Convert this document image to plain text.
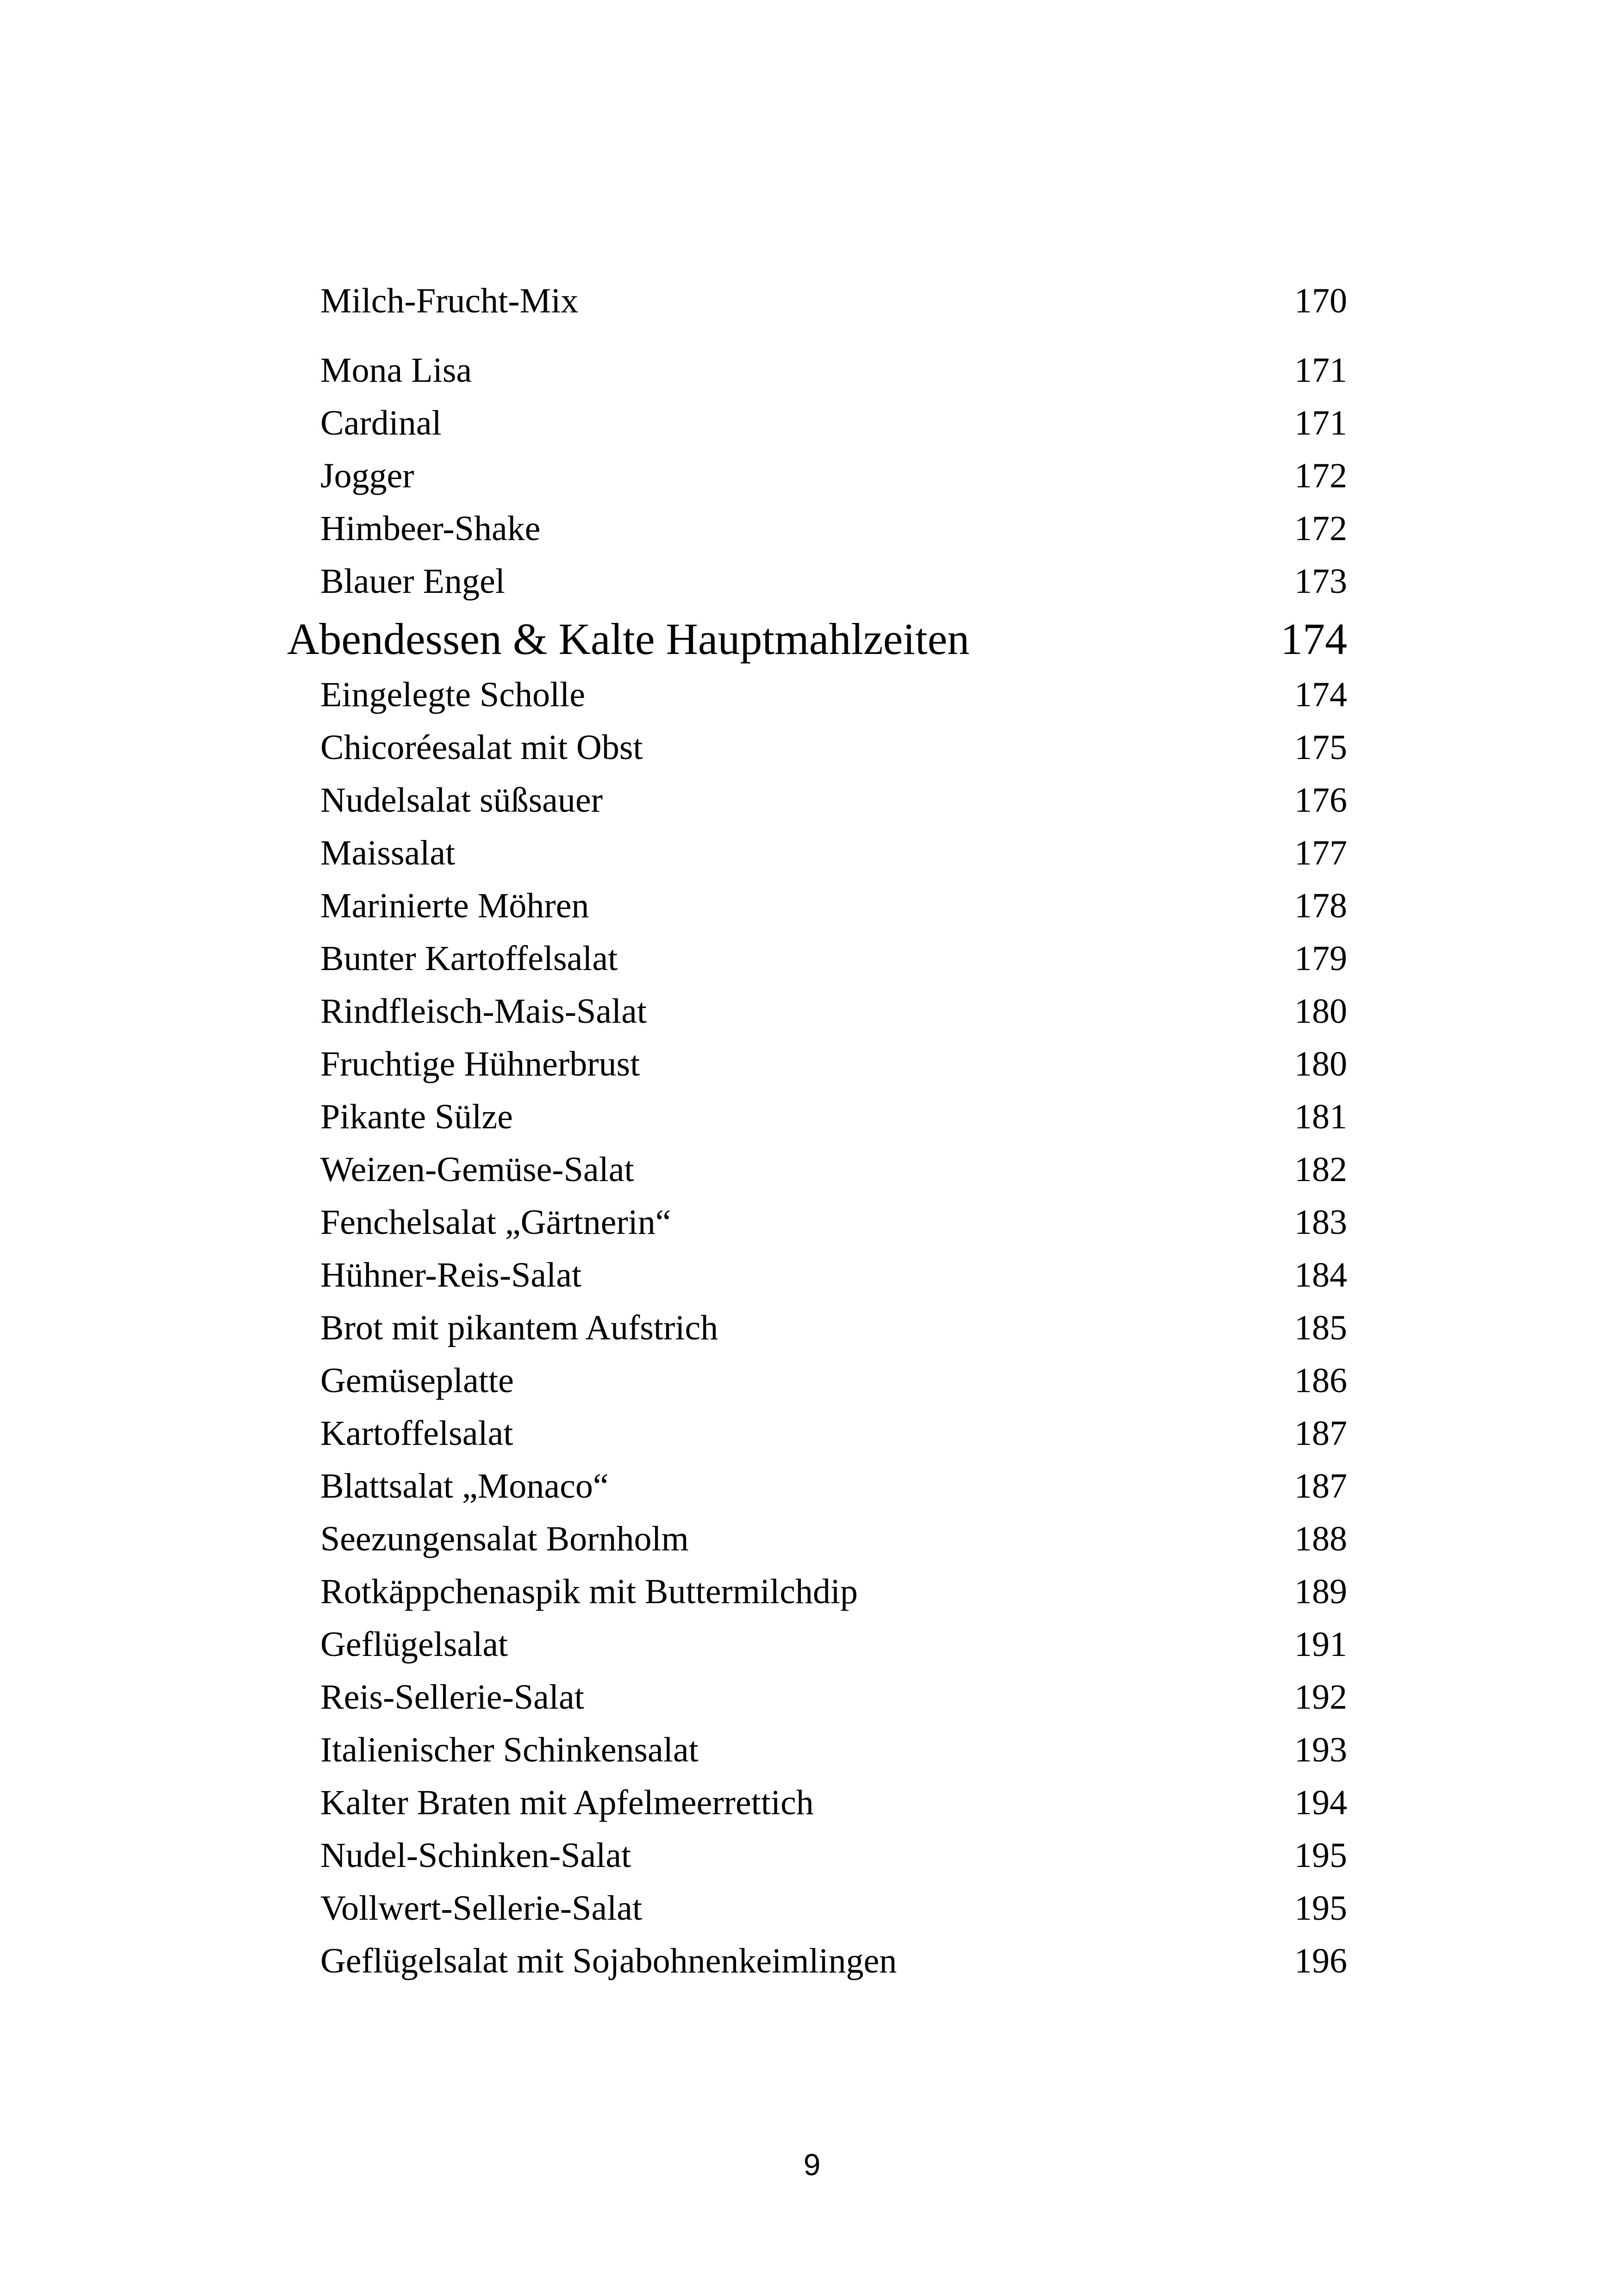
Milch-Frucht-Mix	170
Mona Lisa	171
Cardinal	171
Jogger	172
Himbeer-Shake	172
Blauer Engel	173
Abendessen & Kalte Hauptmahlzeiten	174
Eingelegte Scholle	174
Chicoréesalat mit Obst	175
Nudelsalat süßsauer	176
Maissalat	177
Marinierte Möhren	178
Bunter Kartoffelsalat	179
Rindfleisch-Mais-Salat	180
Fruchtige Hühnerbrust	180
Pikante Sülze	181
Weizen-Gemüse-Salat	182
Fenchelsalat „Gärtnerin“	183
Hühner-Reis-Salat	184
Brot mit pikantem Aufstrich	185
Gemüseplatte	186
Kartoffelsalat	187
Blattsalat „Monaco“	187
Seezungensalat Bornholm	188
Rotkäppchenaspik mit Buttermilchdip	189
Geflügelsalat	191
Reis-Sellerie-Salat	192
Italienischer Schinkensalat	193
Kalter Braten mit Apfelmeerrettich	194
Nudel-Schinken-Salat	195
Vollwert-Sellerie-Salat	195
Geflügelsalat mit Sojabohnenkeimlingen	196
9
